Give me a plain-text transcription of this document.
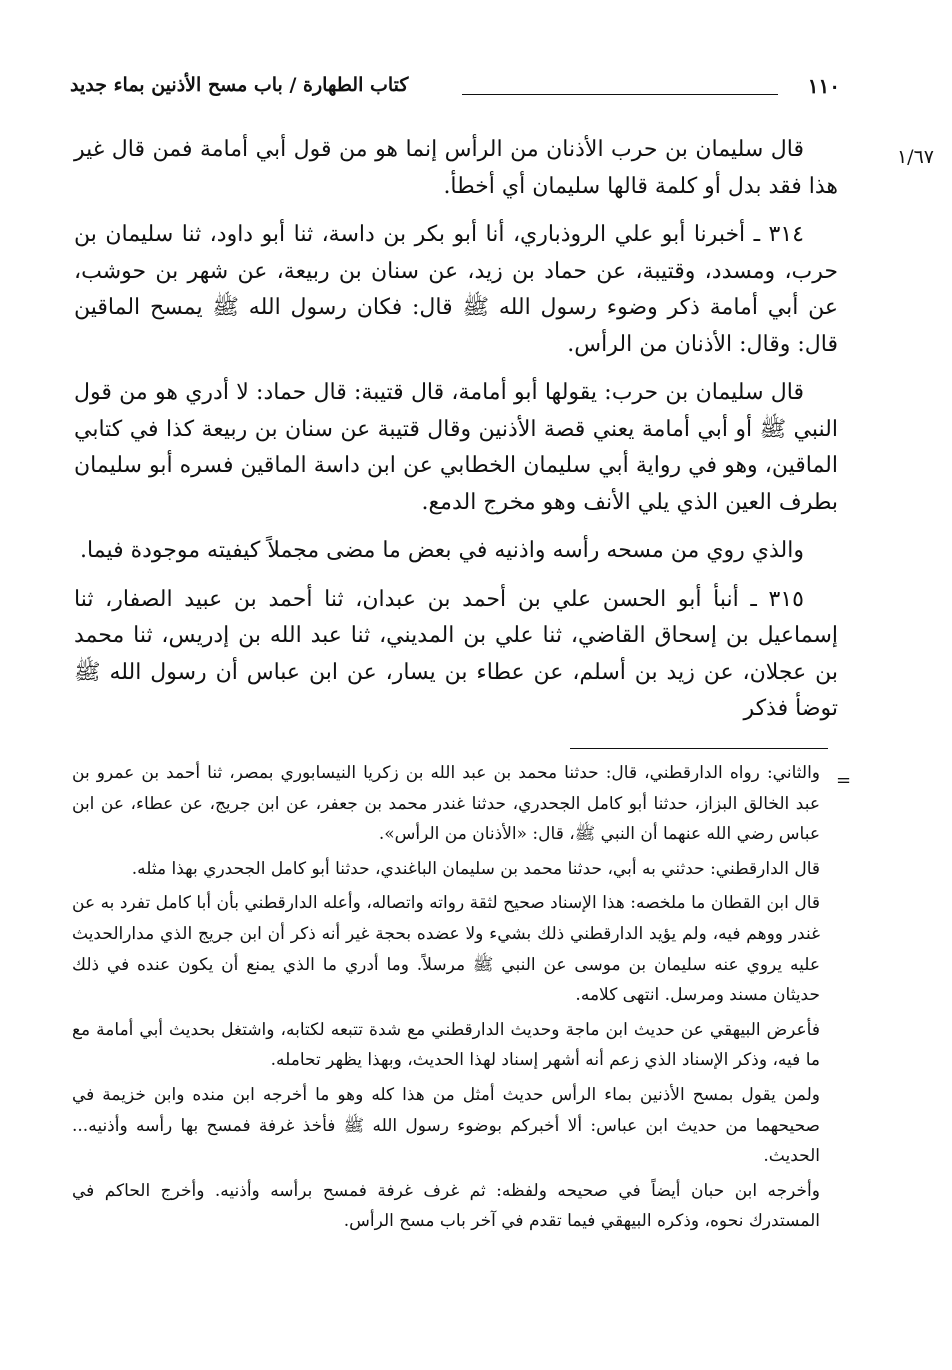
١١٠
كتاب الطهارة / باب مسح الأذنين بماء جديد
١/٦٧

قال سليمان بن حرب الأذنان من الرأس إنما هو من قول أبي أمامة فمن قال غير هذا فقد بدل أو كلمة قالها سليمان أي أخطأ.

٣١٤ ـ أخبرنا أبو علي الروذباري، أنا أبو بكر بن داسة، ثنا أبو داود، ثنا سليمان بن حرب، ومسدد، وقتيبة، عن حماد بن زيد، عن سنان بن ربيعة، عن شهر بن حوشب، عن أبي أمامة ذكر وضوء رسول الله ﷺ قال: فكان رسول الله ﷺ يمسح الماقين قال: وقال: الأذنان من الرأس.

قال سليمان بن حرب: يقولها أبو أمامة، قال قتيبة: قال حماد: لا أدري هو من قول النبي ﷺ أو أبي أمامة يعني قصة الأذنين وقال قتيبة عن سنان بن ربيعة كذا في كتابي الماقين، وهو في رواية أبي سليمان الخطابي عن ابن داسة الماقين فسره أبو سليمان بطرف العين الذي يلي الأنف وهو مخرج الدمع.

والذي روي من مسحه رأسه واذنيه في بعض ما مضى مجملاً كيفيته موجودة فيما.

٣١٥ ـ أنبأ أبو الحسن علي بن أحمد بن عبدان، ثنا أحمد بن عبيد الصفار، ثنا إسماعيل بن إسحاق القاضي، ثنا علي بن المديني، ثنا عبد الله بن إدريس، ثنا محمد بن عجلان، عن زيد بن أسلم، عن عطاء بن يسار، عن ابن عباس أن رسول الله ﷺ توضأ فذكر

=

والثاني: رواه الدارقطني، قال: حدثنا محمد بن عبد الله بن زكريا النيسابوري بمصر، ثنا أحمد بن عمرو بن عبد الخالق البزاز، حدثنا أبو كامل الجحدري، حدثنا غندر محمد بن جعفر، عن ابن جريج، عن عطاء، عن ابن عباس رضي الله عنهما أن النبي ﷺ، قال: «الأذنان من الرأس».

قال الدارقطني: حدثني به أبي، حدثنا محمد بن سليمان الباغندي، حدثنا أبو كامل الجحدري بهذا مثله.

قال ابن القطان ما ملخصه: هذا الإسناد صحيح لثقة رواته واتصاله، وأعله الدارقطني بأن أبا كامل تفرد به عن غندر ووهم فيه، ولم يؤيد الدارقطني ذلك بشيء ولا عضده بحجة غير أنه ذكر أن ابن جريج الذي مدارالحديث عليه يروي عنه سليمان بن موسى عن النبي ﷺ مرسلاً. وما أدري ما الذي يمنع أن يكون عنده في ذلك حديثان مسند ومرسل. انتهى كلامه.

فأعرض البيهقي عن حديث ابن ماجة وحديث الدارقطني مع شدة تتبعه لكتابه، واشتغل بحديث أبي أمامة مع ما فيه، وذكر الإسناد الذي زعم أنه أشهر إسناد لهذا الحديث، وبهذا يظهر تحامله.

ولمن يقول بمسح الأذنين بماء الرأس حديث أمثل من هذا كله وهو ما أخرجه ابن منده وابن خزيمة في صحيحهما من حديث ابن عباس: ألا أخبركم بوضوء رسول الله ﷺ فأخذ غرفة فمسح بها رأسه وأذنيه... الحديث.

وأخرجه ابن حبان أيضاً في صحيحه ولفظه: ثم غرف غرفة فمسح برأسه وأذنيه. وأخرج الحاكم في المستدرك نحوه، وذكره البيهقي فيما تقدم في آخر باب مسح الرأس.
